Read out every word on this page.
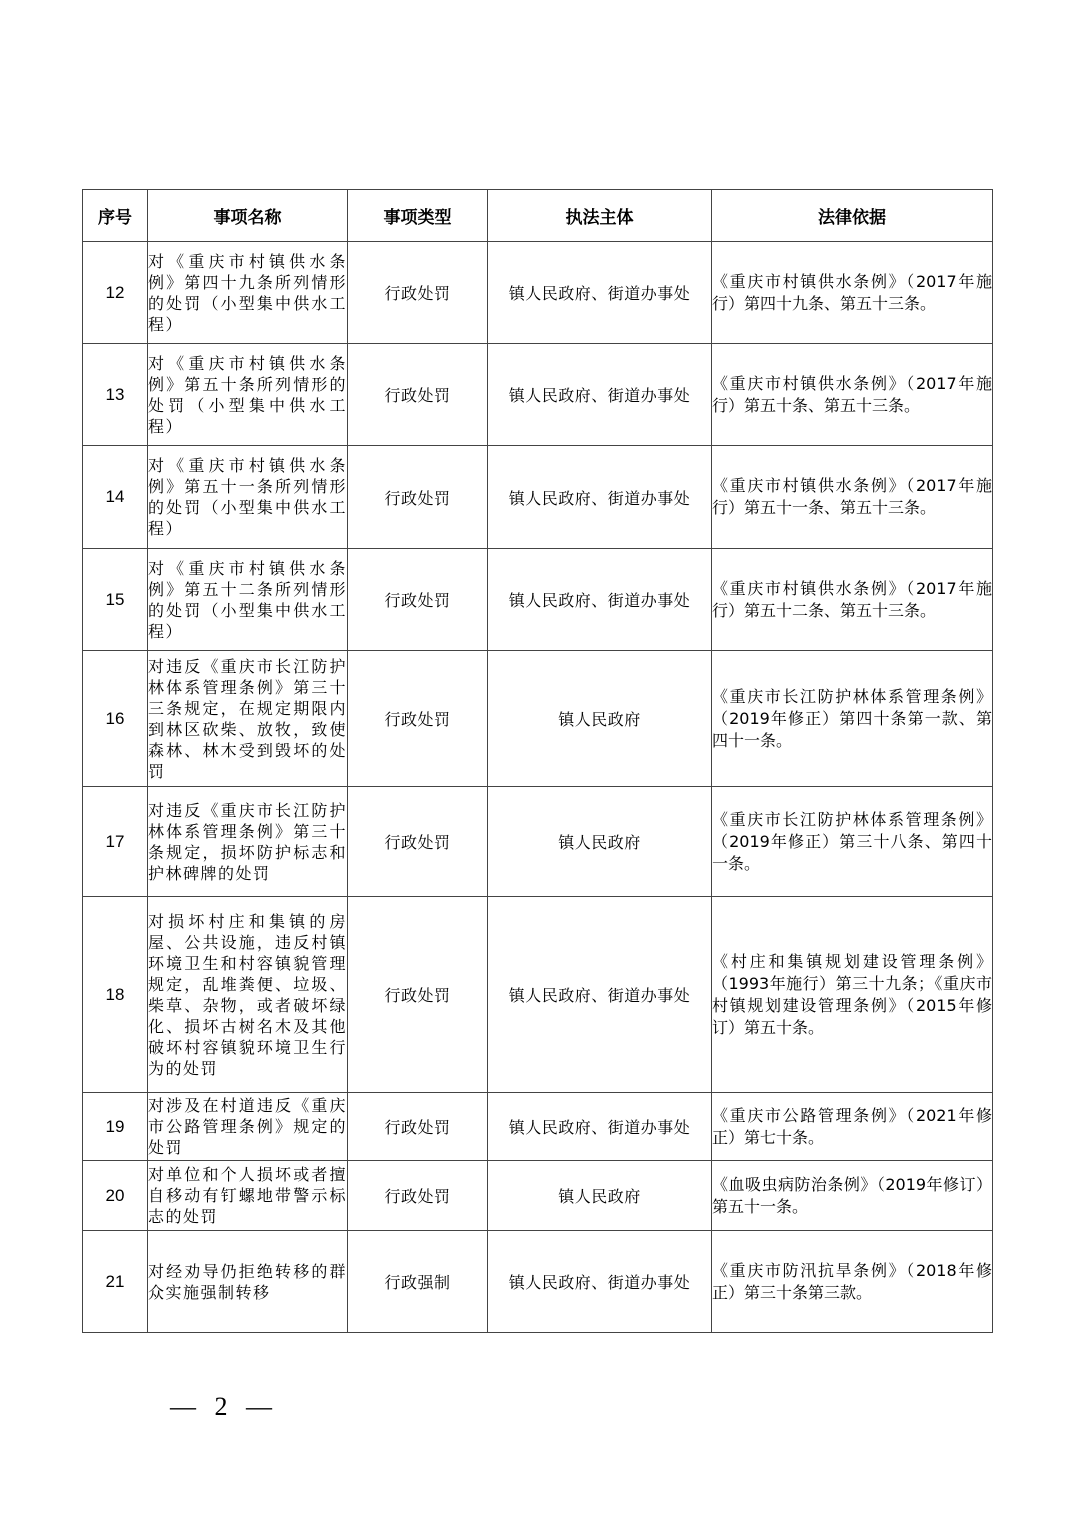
序号	事项名称	事项类型	执法主体	法律依据
12	对《重庆市村镇供水条例》第四十九条所列情形的处罚（小型集中供水工程）	行政处罚	镇人民政府、街道办事处	《重庆市村镇供水条例》（2017年施行）第四十九条、第五十三条。
13	对《重庆市村镇供水条例》第五十条所列情形的处罚（小型集中供水工程）	行政处罚	镇人民政府、街道办事处	《重庆市村镇供水条例》（2017年施行）第五十条、第五十三条。
14	对《重庆市村镇供水条例》第五十一条所列情形的处罚（小型集中供水工程）	行政处罚	镇人民政府、街道办事处	《重庆市村镇供水条例》（2017年施行）第五十一条、第五十三条。
15	对《重庆市村镇供水条例》第五十二条所列情形的处罚（小型集中供水工程）	行政处罚	镇人民政府、街道办事处	《重庆市村镇供水条例》（2017年施行）第五十二条、第五十三条。
16	对违反《重庆市长江防护林体系管理条例》第三十三条规定，在规定期限内到林区砍柴、放牧，致使森林、林木受到毁坏的处罚	行政处罚	镇人民政府	《重庆市长江防护林体系管理条例》（2019年修正）第四十条第一款、第四十一条。
17	对违反《重庆市长江防护林体系管理条例》第三十条规定，损坏防护标志和护林碑牌的处罚	行政处罚	镇人民政府	《重庆市长江防护林体系管理条例》（2019年修正）第三十八条、第四十一条。
18	对损坏村庄和集镇的房屋、公共设施，违反村镇环境卫生和村容镇貌管理规定，乱堆粪便、垃圾、柴草、杂物，或者破坏绿化、损坏古树名木及其他破坏村容镇貌环境卫生行为的处罚	行政处罚	镇人民政府、街道办事处	《村庄和集镇规划建设管理条例》（1993年施行）第三十九条；《重庆市村镇规划建设管理条例》（2015年修订）第五十条。
19	对涉及在村道违反《重庆市公路管理条例》规定的处罚	行政处罚	镇人民政府、街道办事处	《重庆市公路管理条例》（2021年修正）第七十条。
20	对单位和个人损坏或者擅自移动有钉螺地带警示标志的处罚	行政处罚	镇人民政府	《血吸虫病防治条例》（2019年修订）第五十一条。
21	对经劝导仍拒绝转移的群众实施强制转移	行政强制	镇人民政府、街道办事处	《重庆市防汛抗旱条例》（2018年修正）第三十条第三款。
— 2 —
